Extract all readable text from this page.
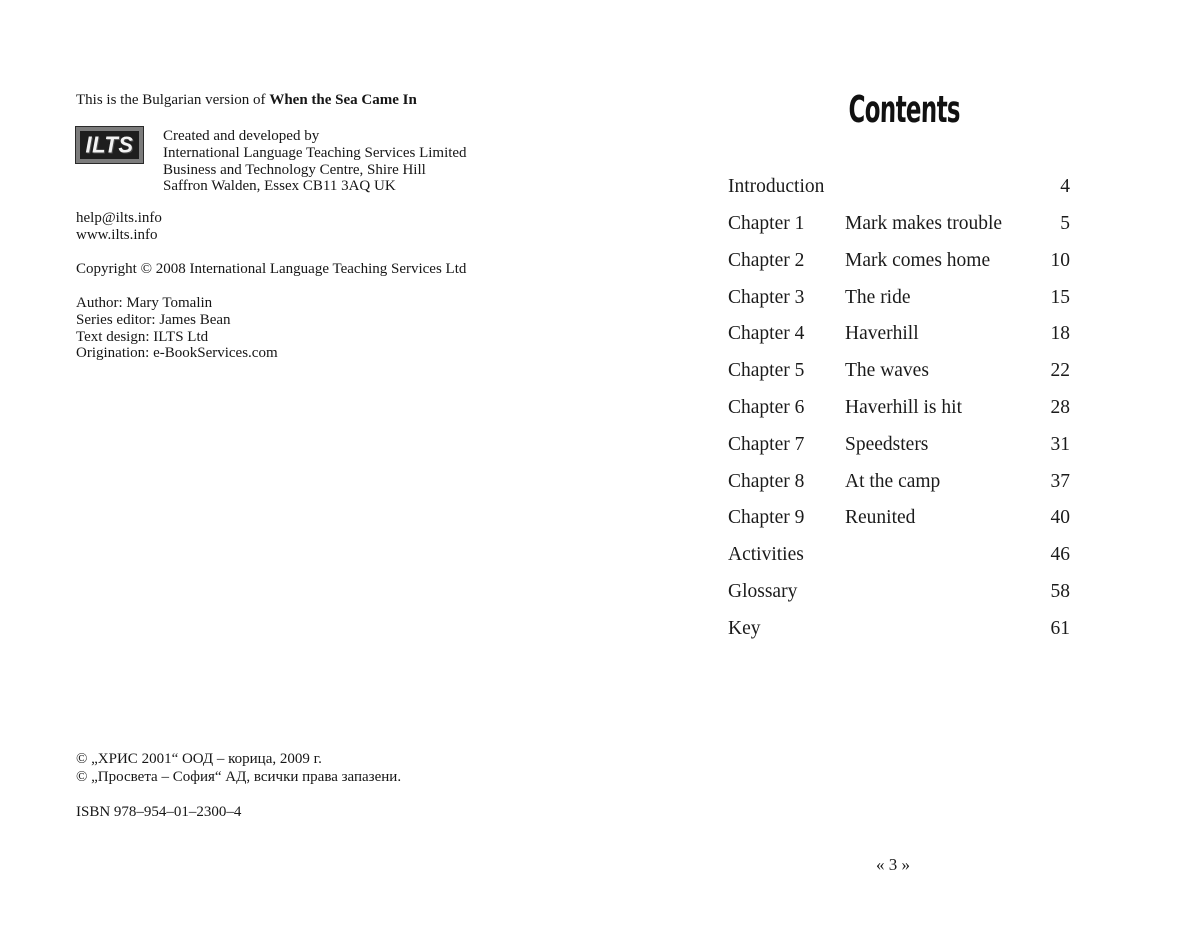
This is the Bulgarian version of When the Sea Came In

ILTS Created and developed by
International Language Teaching Services Limited
Business and Technology Centre, Shire Hill
Saffron Walden, Essex CB11 3AQ UK
help@ilts.info
www.ilts.info

Copyright © 2008 International Language Teaching Services Ltd

Author: Mary Tomalin
Series editor: James Bean
Text design: ILTS Ltd
Origination: e-BookServices.com
© „ХРИС 2001“ ООД – корица, 2009 г.
© „Просвета – София“ АД, всички права запазени.

ISBN 978–954–01–2300–4

Contents
Introduction	4
Chapter 1	Mark makes trouble	5
Chapter 2	Mark comes home	10
Chapter 3	The ride	15
Chapter 4	Haverhill	18
Chapter 5	The waves	22
Chapter 6	Haverhill is hit	28
Chapter 7	Speedsters	31
Chapter 8	At the camp	37
Chapter 9	Reunited	40
Activities	46
Glossary	58
Key	61
« 3 »
